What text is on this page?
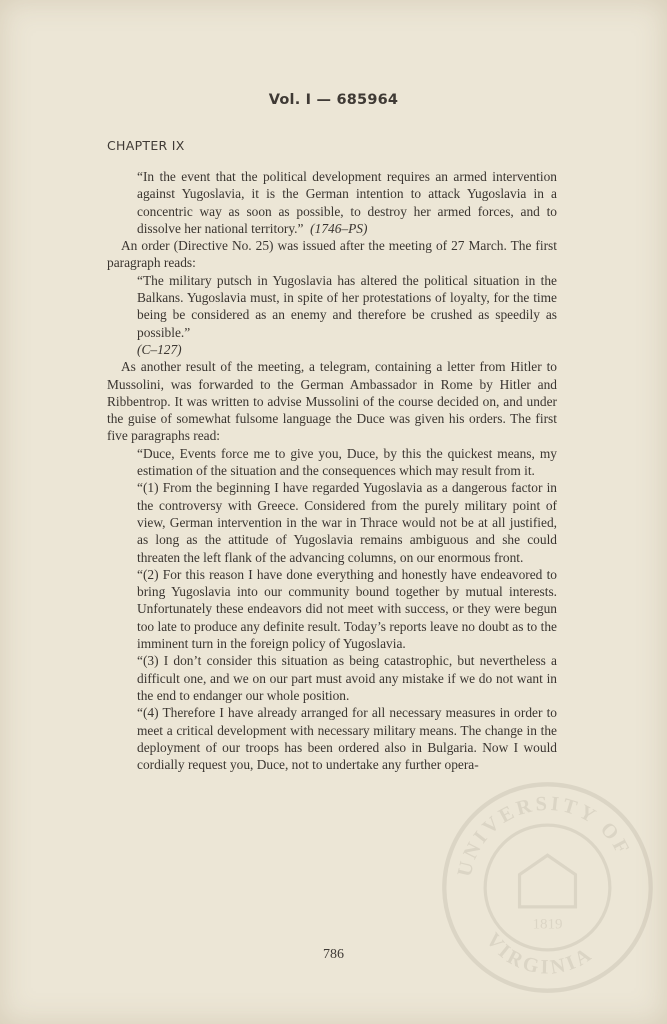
Vol. I — 685964
CHAPTER IX

“In the event that the political development requires an armed intervention against Yugoslavia, it is the German intention to attack Yugoslavia in a concentric way as soon as possible, to destroy her armed forces, and to dissolve her national territory.” (1746–PS)

An order (Directive No. 25) was issued after the meeting of 27 March. The first paragraph reads:

“The military putsch in Yugoslavia has altered the political situation in the Balkans. Yugoslavia must, in spite of her protestations of loyalty, for the time being be considered as an enemy and therefore be crushed as speedily as possible.”
(C–127)

As another result of the meeting, a telegram, containing a letter from Hitler to Mussolini, was forwarded to the German Ambassador in Rome by Hitler and Ribbentrop. It was written to advise Mussolini of the course decided on, and under the guise of somewhat fulsome language the Duce was given his orders. The first five paragraphs read:

“Duce, Events force me to give you, Duce, by this the quickest means, my estimation of the situation and the consequences which may result from it.

“(1) From the beginning I have regarded Yugoslavia as a dangerous factor in the controversy with Greece. Considered from the purely military point of view, German intervention in the war in Thrace would not be at all justified, as long as the attitude of Yugoslavia remains ambiguous and she could threaten the left flank of the advancing columns, on our enormous front.

“(2) For this reason I have done everything and honestly have endeavored to bring Yugoslavia into our community bound together by mutual interests. Unfortunately these endeavors did not meet with success, or they were begun too late to produce any definite result. Today’s reports leave no doubt as to the imminent turn in the foreign policy of Yugoslavia.

“(3) I don’t consider this situation as being catastrophic, but nevertheless a difficult one, and we on our part must avoid any mistake if we do not want in the end to endanger our whole position.

“(4) Therefore I have already arranged for all necessary measures in order to meet a critical development with necessary military means. The change in the deployment of our troops has been ordered also in Bulgaria. Now I would cordially request you, Duce, not to undertake any further opera-

786
UNIVERSITY OF
VIRGINIA
1819
